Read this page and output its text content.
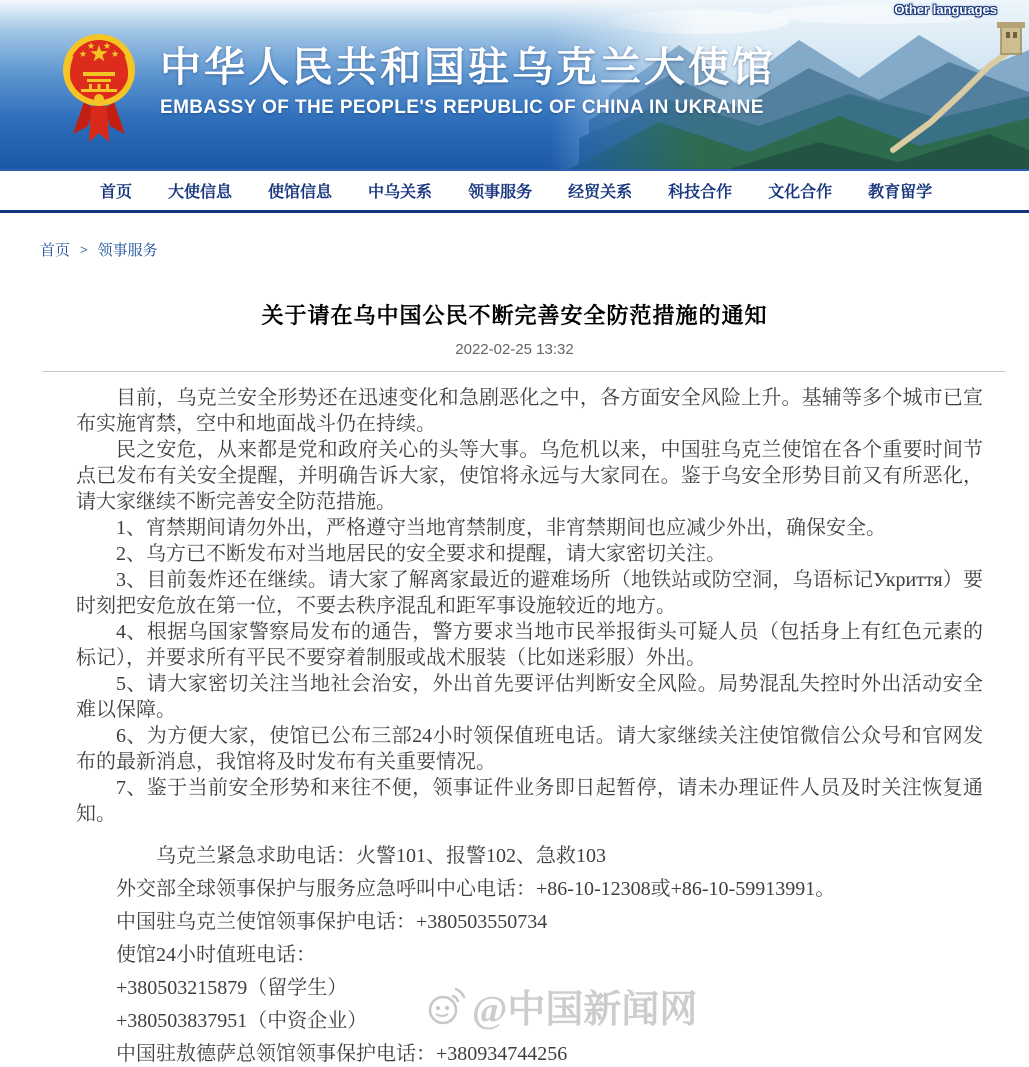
Other languages
中华人民共和国驻乌克兰大使馆
EMBASSY OF THE PEOPLE'S REPUBLIC OF CHINA IN UKRAINE
首页 大使信息 使馆信息 中乌关系 领事服务 经贸关系 科技合作 文化合作 教育留学
首页 > 领事服务
关于请在乌中国公民不断完善安全防范措施的通知
2022-02-25 13:32

目前，乌克兰安全形势还在迅速变化和急剧恶化之中，各方面安全风险上升。基辅等多个城市已宣布实施宵禁，空中和地面战斗仍在持续。

民之安危，从来都是党和政府关心的头等大事。乌危机以来，中国驻乌克兰使馆在各个重要时间节点已发布有关安全提醒，并明确告诉大家，使馆将永远与大家同在。鉴于乌安全形势目前又有所恶化，请大家继续不断完善安全防范措施。

1、宵禁期间请勿外出，严格遵守当地宵禁制度，非宵禁期间也应减少外出，确保安全。

2、乌方已不断发布对当地居民的安全要求和提醒，请大家密切关注。

3、目前轰炸还在继续。请大家了解离家最近的避难场所（地铁站或防空洞，乌语标记Укриття）要时刻把安危放在第一位，不要去秩序混乱和距军事设施较近的地方。

4、根据乌国家警察局发布的通告，警方要求当地市民举报街头可疑人员（包括身上有红色元素的标记），并要求所有平民不要穿着制服或战术服装（比如迷彩服）外出。

5、请大家密切关注当地社会治安，外出首先要评估判断安全风险。局势混乱失控时外出活动安全难以保障。

6、为方便大家，使馆已公布三部24小时领保值班电话。请大家继续关注使馆微信公众号和官网发布的最新消息，我馆将及时发布有关重要情况。

7、鉴于当前安全形势和来往不便，领事证件业务即日起暂停，请未办理证件人员及时关注恢复通知。

乌克兰紧急求助电话：火警101、报警102、急救103

外交部全球领事保护与服务应急呼叫中心电话：+86-10-12308或+86-10-59913991。

中国驻乌克兰使馆领事保护电话：+380503550734

使馆24小时值班电话：

+380503215879（留学生）

+380503837951（中资企业）

中国驻敖德萨总领馆领事保护电话：+380934744256

@中国新闻网
